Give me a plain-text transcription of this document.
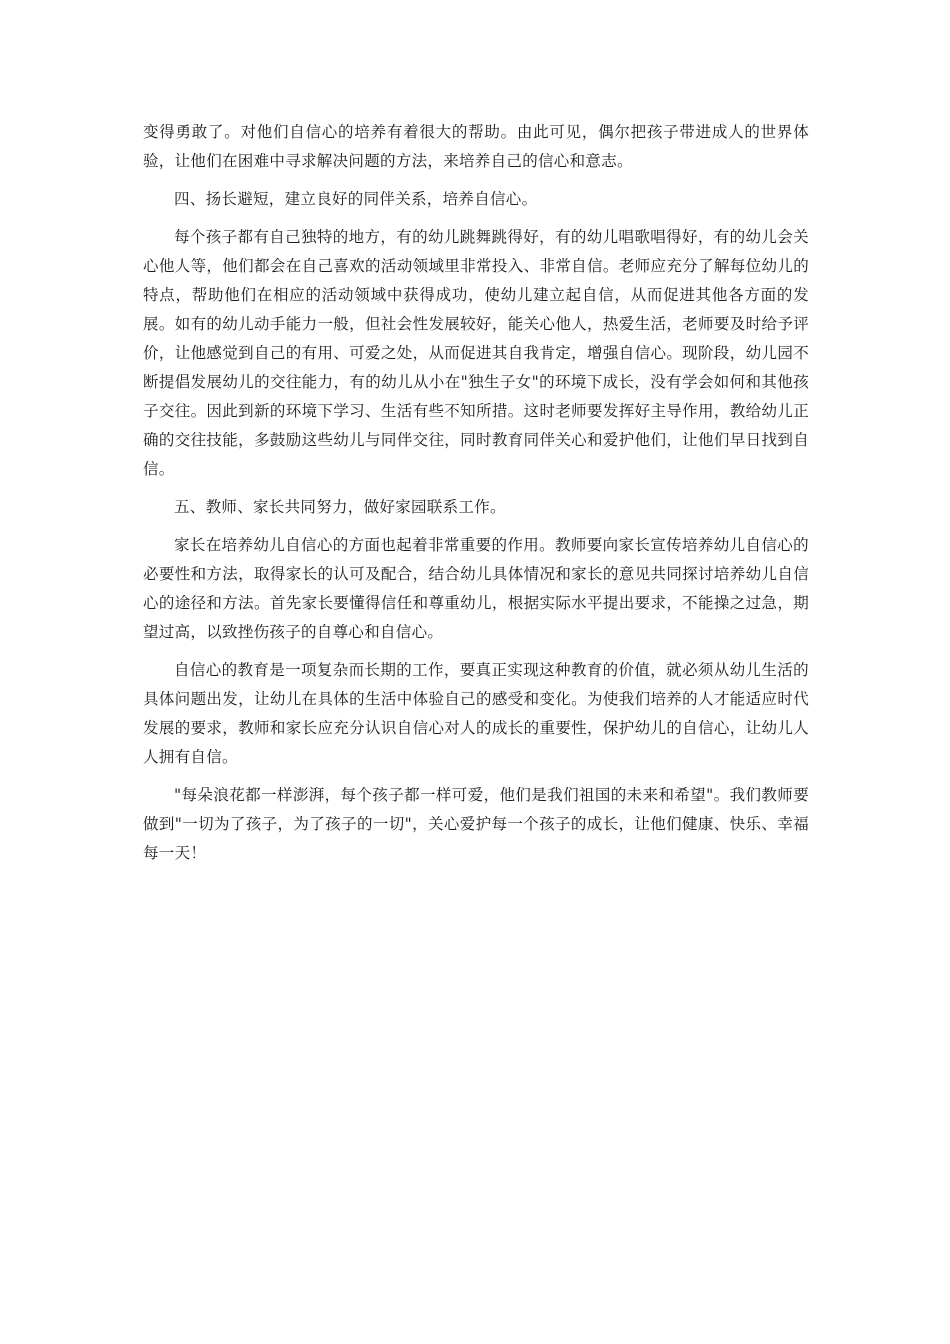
变得勇敢了。对他们自信心的培养有着很大的帮助。由此可见，偶尔把孩子带进成人的世界体验，让他们在困难中寻求解决问题的方法，来培养自己的信心和意志。

四、扬长避短，建立良好的同伴关系，培养自信心。

每个孩子都有自己独特的地方，有的幼儿跳舞跳得好，有的幼儿唱歌唱得好，有的幼儿会关心他人等，他们都会在自己喜欢的活动领域里非常投入、非常自信。老师应充分了解每位幼儿的特点，帮助他们在相应的活动领域中获得成功，使幼儿建立起自信，从而促进其他各方面的发展。如有的幼儿动手能力一般，但社会性发展较好，能关心他人，热爱生活，老师要及时给予评价，让他感觉到自己的有用、可爱之处，从而促进其自我肯定，增强自信心。现阶段，幼儿园不断提倡发展幼儿的交往能力，有的幼儿从小在"独生子女"的环境下成长，没有学会如何和其他孩子交往。因此到新的环境下学习、生活有些不知所措。这时老师要发挥好主导作用，教给幼儿正确的交往技能，多鼓励这些幼儿与同伴交往，同时教育同伴关心和爱护他们，让他们早日找到自信。

五、教师、家长共同努力，做好家园联系工作。

家长在培养幼儿自信心的方面也起着非常重要的作用。教师要向家长宣传培养幼儿自信心的必要性和方法，取得家长的认可及配合，结合幼儿具体情况和家长的意见共同探讨培养幼儿自信心的途径和方法。首先家长要懂得信任和尊重幼儿，根据实际水平提出要求，不能操之过急，期望过高，以致挫伤孩子的自尊心和自信心。

自信心的教育是一项复杂而长期的工作，要真正实现这种教育的价值，就必须从幼儿生活的具体问题出发，让幼儿在具体的生活中体验自己的感受和变化。为使我们培养的人才能适应时代发展的要求，教师和家长应充分认识自信心对人的成长的重要性，保护幼儿的自信心，让幼儿人人拥有自信。

"每朵浪花都一样澎湃，每个孩子都一样可爱，他们是我们祖国的未来和希望"。我们教师要做到"一切为了孩子，为了孩子的一切"，关心爱护每一个孩子的成长，让他们健康、快乐、幸福每一天！
